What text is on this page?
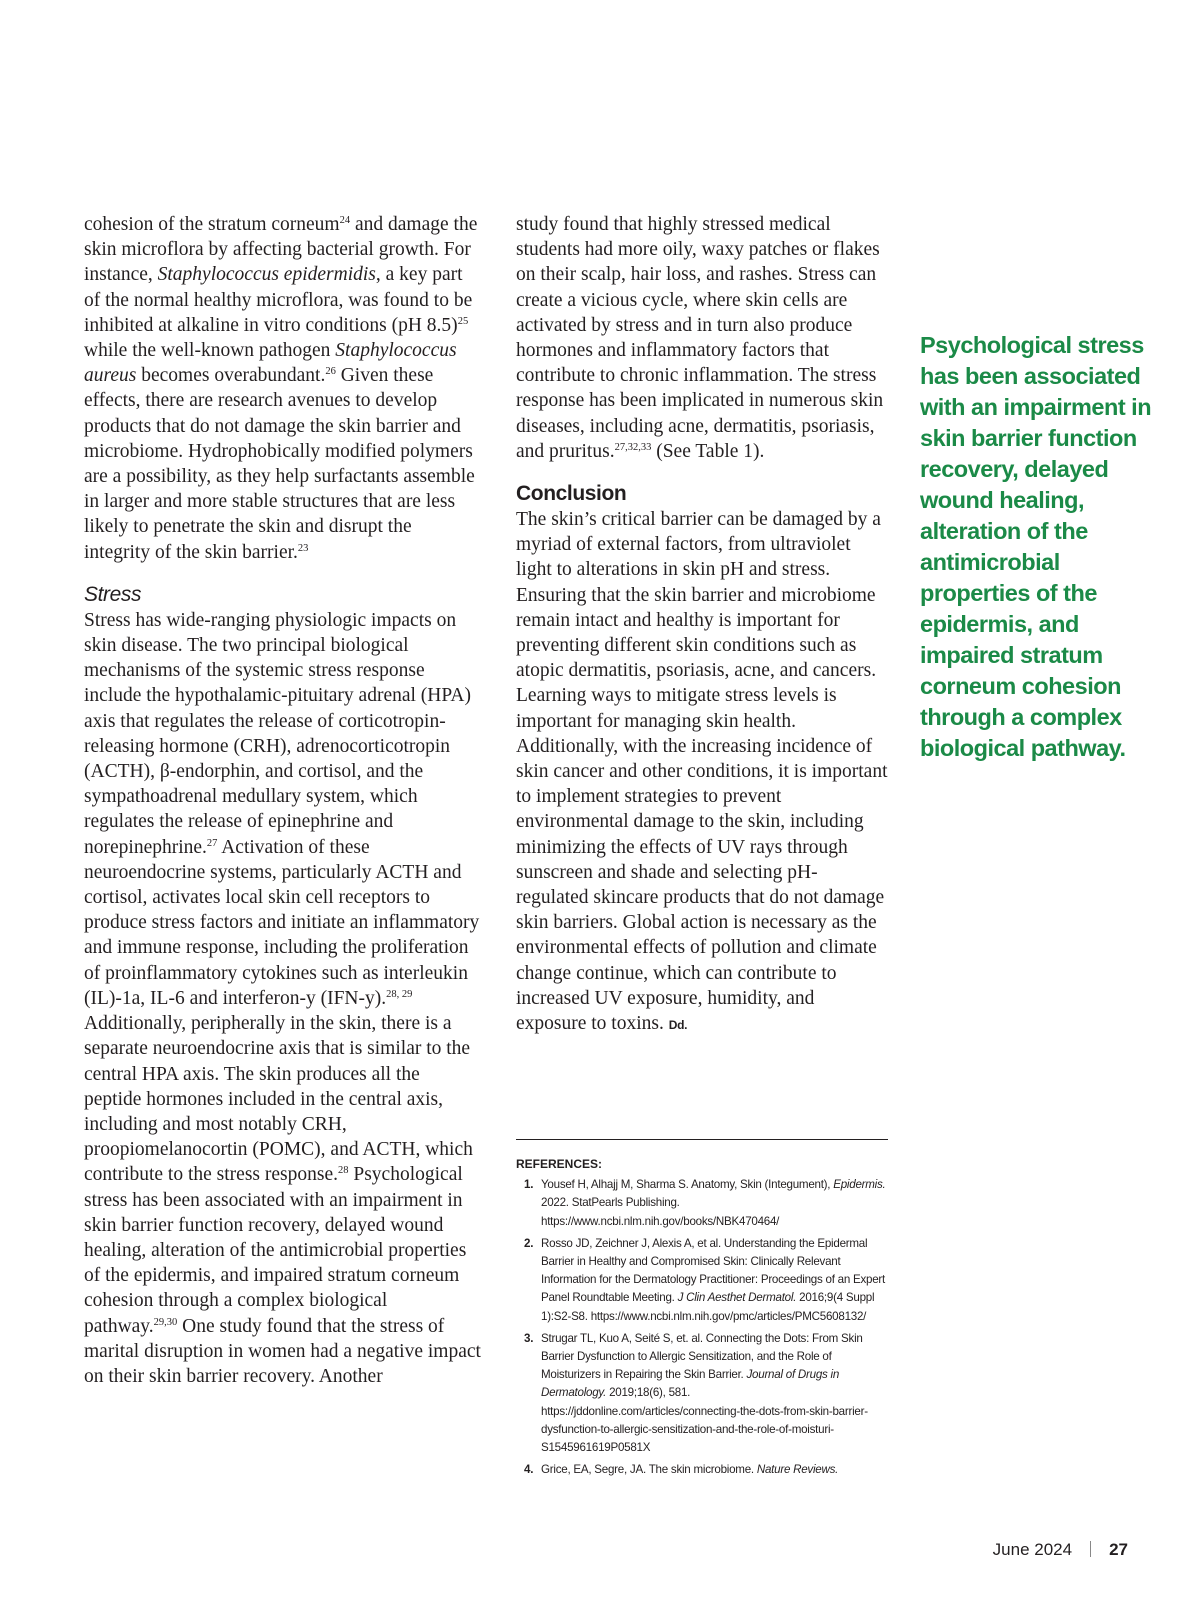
cohesion of the stratum corneum$^{24}$ and damage the skin microflora by affecting bacterial growth. For instance, Staphylococcus epidermidis, a key part of the normal healthy microflora, was found to be inhibited at alkaline in vitro conditions (pH 8.5)$^{25}$ while the well-known pathogen Staphylococcus aureus becomes overabundant.$^{26}$ Given these effects, there are research avenues to develop products that do not damage the skin barrier and microbiome. Hydrophobically modified polymers are a possibility, as they help surfactants assemble in larger and more stable structures that are less likely to penetrate the skin and disrupt the integrity of the skin barrier.$^{23}$

Stress

Stress has wide-ranging physiologic impacts on skin disease. The two principal biological mechanisms of the systemic stress response include the hypothalamic-pituitary adrenal (HPA) axis that regulates the release of corticotropin-releasing hormone (CRH), adrenocorticotropin (ACTH), β-endorphin, and cortisol, and the sympathoadrenal medullary system, which regulates the release of epinephrine and norepinephrine.$^{27}$ Activation of these neuroendocrine systems, particularly ACTH and cortisol, activates local skin cell receptors to produce stress factors and initiate an inflammatory and immune response, including the proliferation of proinflammatory cytokines such as interleukin (IL)-1a, IL-6 and interferon-y (IFN-y).$^{28, 29}$ Additionally, peripherally in the skin, there is a separate neuroendocrine axis that is similar to the central HPA axis. The skin produces all the peptide hormones included in the central axis, including and most notably CRH, proopiomelanocortin (POMC), and ACTH, which contribute to the stress response.$^{28}$ Psychological stress has been associated with an impairment in skin barrier function recovery, delayed wound healing, alteration of the antimicrobial properties of the epidermis, and impaired stratum corneum cohesion through a complex biological pathway.$^{29,30}$ One study found that the stress of marital disruption in women had a negative impact on their skin barrier recovery. Another

study found that highly stressed medical students had more oily, waxy patches or flakes on their scalp, hair loss, and rashes. Stress can create a vicious cycle, where skin cells are activated by stress and in turn also produce hormones and inflammatory factors that contribute to chronic inflammation. The stress response has been implicated in numerous skin diseases, including acne, dermatitis, psoriasis, and pruritus.$^{27,32,33}$ (See Table 1).

Conclusion

The skin’s critical barrier can be damaged by a myriad of external factors, from ultraviolet light to alterations in skin pH and stress. Ensuring that the skin barrier and microbiome remain intact and healthy is important for preventing different skin conditions such as atopic dermatitis, psoriasis, acne, and cancers. Learning ways to mitigate stress levels is important for managing skin health. Additionally, with the increasing incidence of skin cancer and other conditions, it is important to implement strategies to prevent environmental damage to the skin, including minimizing the effects of UV rays through sunscreen and shade and selecting pH-regulated skincare products that do not damage skin barriers. Global action is necessary as the environmental effects of pollution and climate change continue, which can contribute to increased UV exposure, humidity, and exposure to toxins. Dd.

Psychological stress has been associated with an impairment in skin barrier function recovery, delayed wound healing, alteration of the antimicrobial properties of the epidermis, and impaired stratum corneum cohesion through a complex biological pathway.
REFERENCES:
1. Yousef H, Alhajj M, Sharma S. Anatomy, Skin (Integument), Epidermis. 2022. StatPearls Publishing. https://www.ncbi.nlm.nih.gov/books/NBK470464/
2. Rosso JD, Zeichner J, Alexis A, et al. Understanding the Epidermal Barrier in Healthy and Compromised Skin: Clinically Relevant Information for the Dermatology Practitioner: Proceedings of an Expert Panel Roundtable Meeting. J Clin Aesthet Dermatol. 2016;9(4 Suppl 1):S2-S8. https://www.ncbi.nlm.nih.gov/pmc/articles/PMC5608132/
3. Strugar TL, Kuo A, Seité S, et. al. Connecting the Dots: From Skin Barrier Dysfunction to Allergic Sensitization, and the Role of Moisturizers in Repairing the Skin Barrier. Journal of Drugs in Dermatology. 2019;18(6), 581. https://jddonline.com/articles/connecting-the-dots-from-skin-barrier-dysfunction-to-allergic-sensitization-and-the-role-of-moisturi-S1545961619P0581X
4. Grice, EA, Segre, JA. The skin microbiome. Nature Reviews.
June 2024 27
